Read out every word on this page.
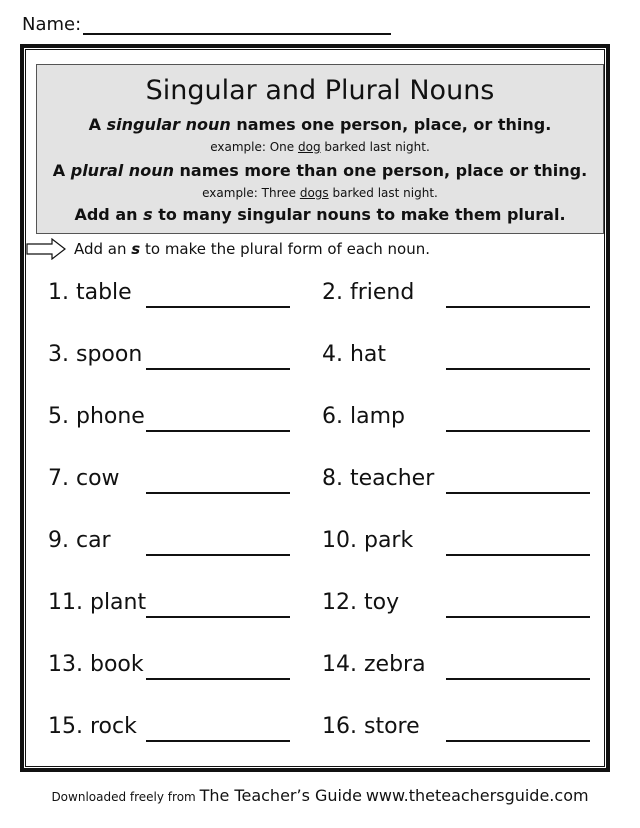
Name:
Singular and Plural Nouns
A singular noun names one person, place, or thing.
example: One dog barked last night.
A plural noun names more than one person, place or thing.
example: Three dogs barked last night.
Add an s to many singular nouns to make them plural.
Add an s to make the plural form of each noun.
1. table	2. friend
3. spoon	4. hat
5. phone	6. lamp
7. cow	8. teacher
9. car	10. park
11. plant	12. toy
13. book	14. zebra
15. rock	16. store
Downloaded freely from The Teacher’s Guide www.theteachersguide.com
